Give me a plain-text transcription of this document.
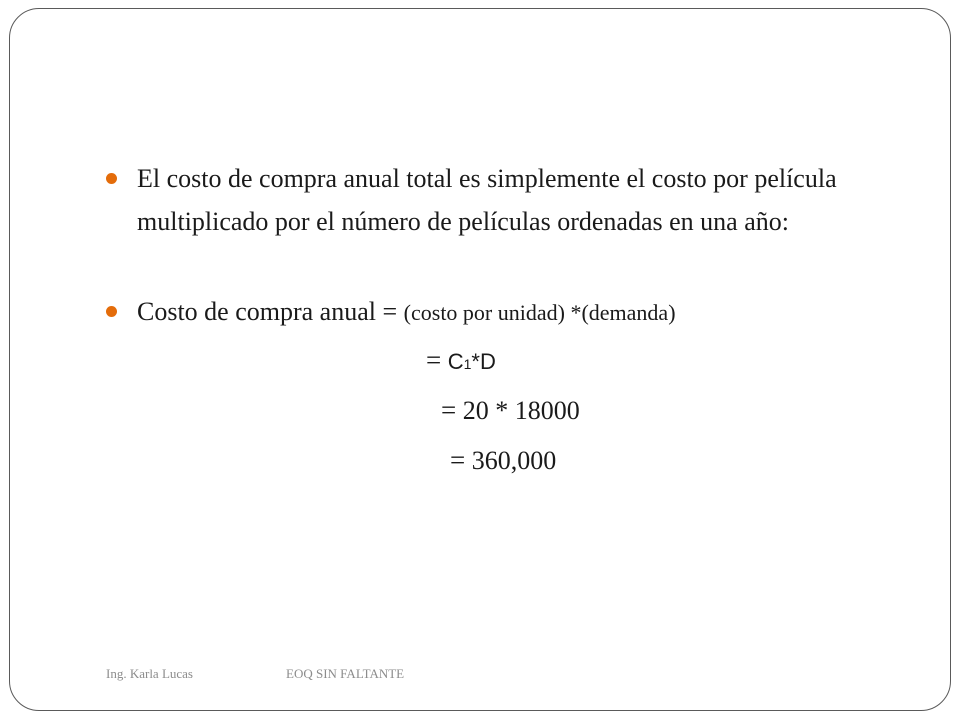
El costo de compra anual total es simplemente el costo por película multiplicado por el número de películas ordenadas en una año:
Costo de compra anual = (costo por unidad) *(demanda)
= C1*D
= 20 * 18000
= 360,000
Ing. Karla Lucas	EOQ SIN FALTANTE
